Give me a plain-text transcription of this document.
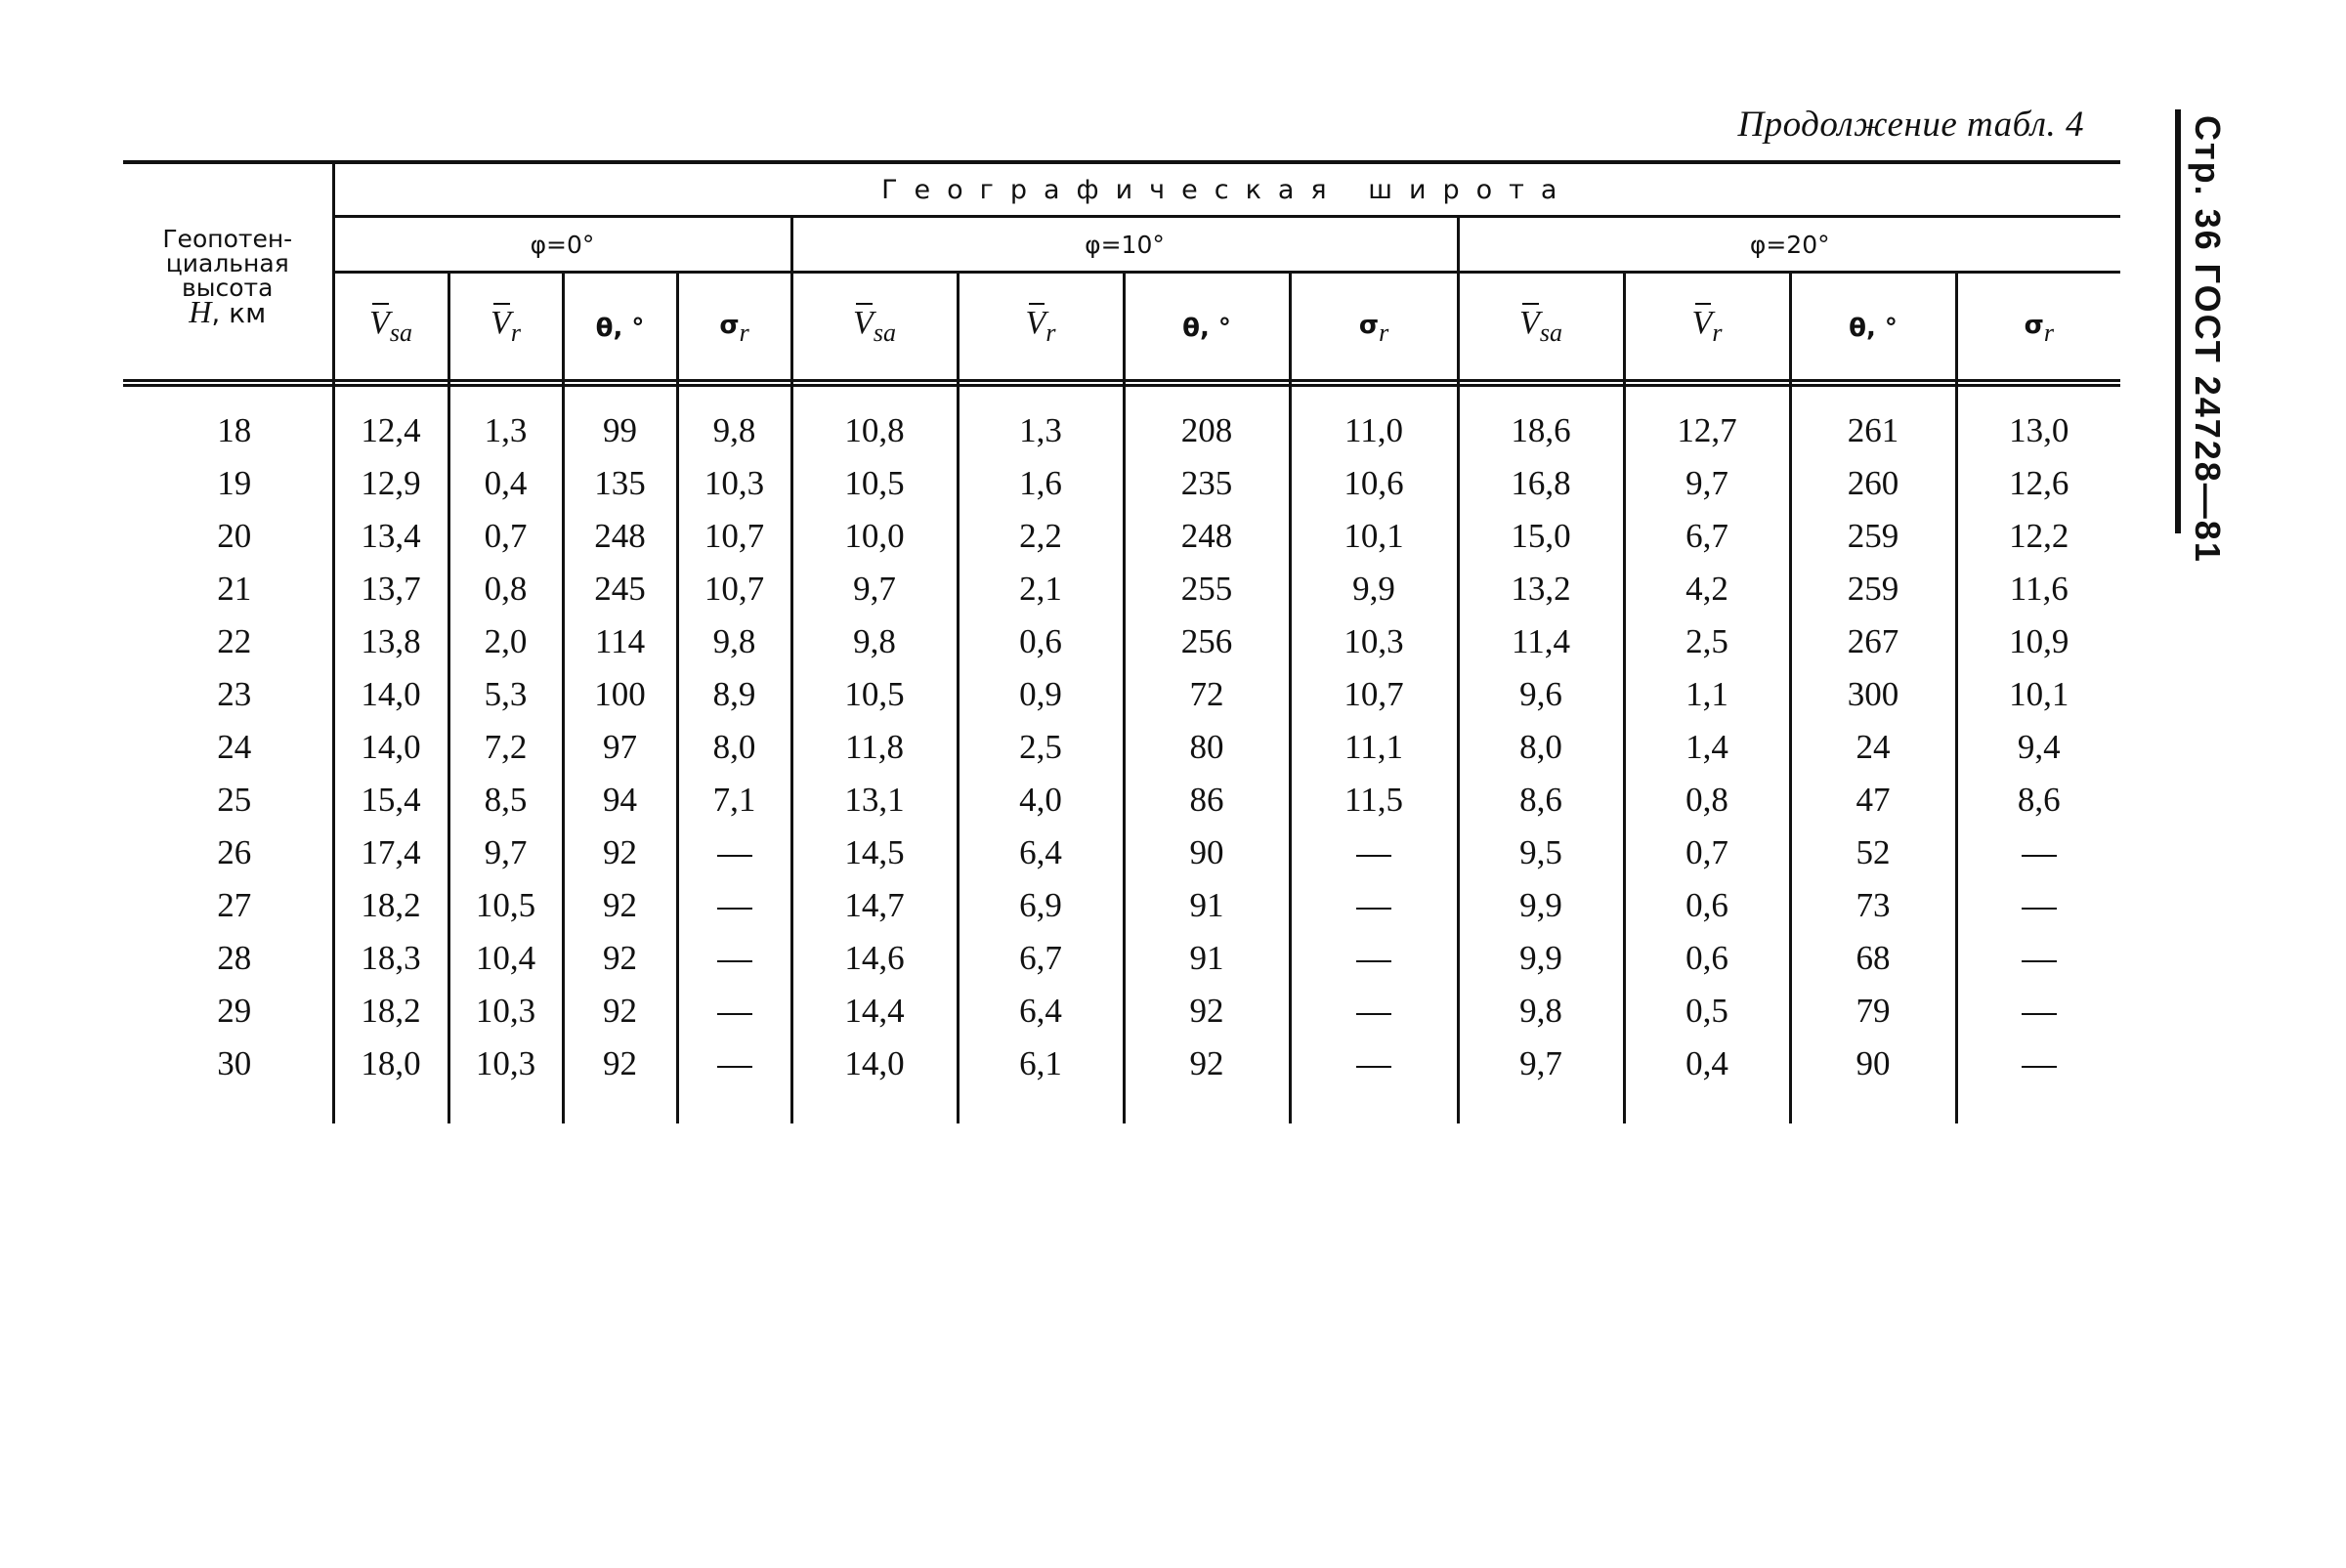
Продолжение табл. 4	Стр. 36 ГОСТ 24728—81
Геопотен-
циальная
высота
H, км	Географическая широта											
	φ=0°				φ=10°				φ=20°			
	$V_{sa}$	$V_r$	θ, °	$\sigma_r$	$V_{sa}$	$V_r$	θ, °	$\sigma_r$	$V_{sa}$	$V_r$	θ, °	$\sigma_r$

18	12,4	1,3	99	9,8	10,8	1,3	208	11,0	18,6	12,7	261	13,0
19	12,9	0,4	135	10,3	10,5	1,6	235	10,6	16,8	9,7	260	12,6
20	13,4	0,7	248	10,7	10,0	2,2	248	10,1	15,0	6,7	259	12,2
21	13,7	0,8	245	10,7	9,7	2,1	255	9,9	13,2	4,2	259	11,6
22	13,8	2,0	114	9,8	9,8	0,6	256	10,3	11,4	2,5	267	10,9
23	14,0	5,3	100	8,9	10,5	0,9	72	10,7	9,6	1,1	300	10,1
24	14,0	7,2	97	8,0	11,8	2,5	80	11,1	8,0	1,4	24	9,4
25	15,4	8,5	94	7,1	13,1	4,0	86	11,5	8,6	0,8	47	8,6
26	17,4	9,7	92		14,5	6,4	90		9,5	0,7	52	
27	18,2	10,5	92		14,7	6,9	91		9,9	0,6	73	
28	18,3	10,4	92		14,6	6,7	91		9,9	0,6	68	
29	18,2	10,3	92		14,4	6,4	92		9,8	0,5	79	
30	18,0	10,3	92		14,0	6,1	92		9,7	0,4	90	
